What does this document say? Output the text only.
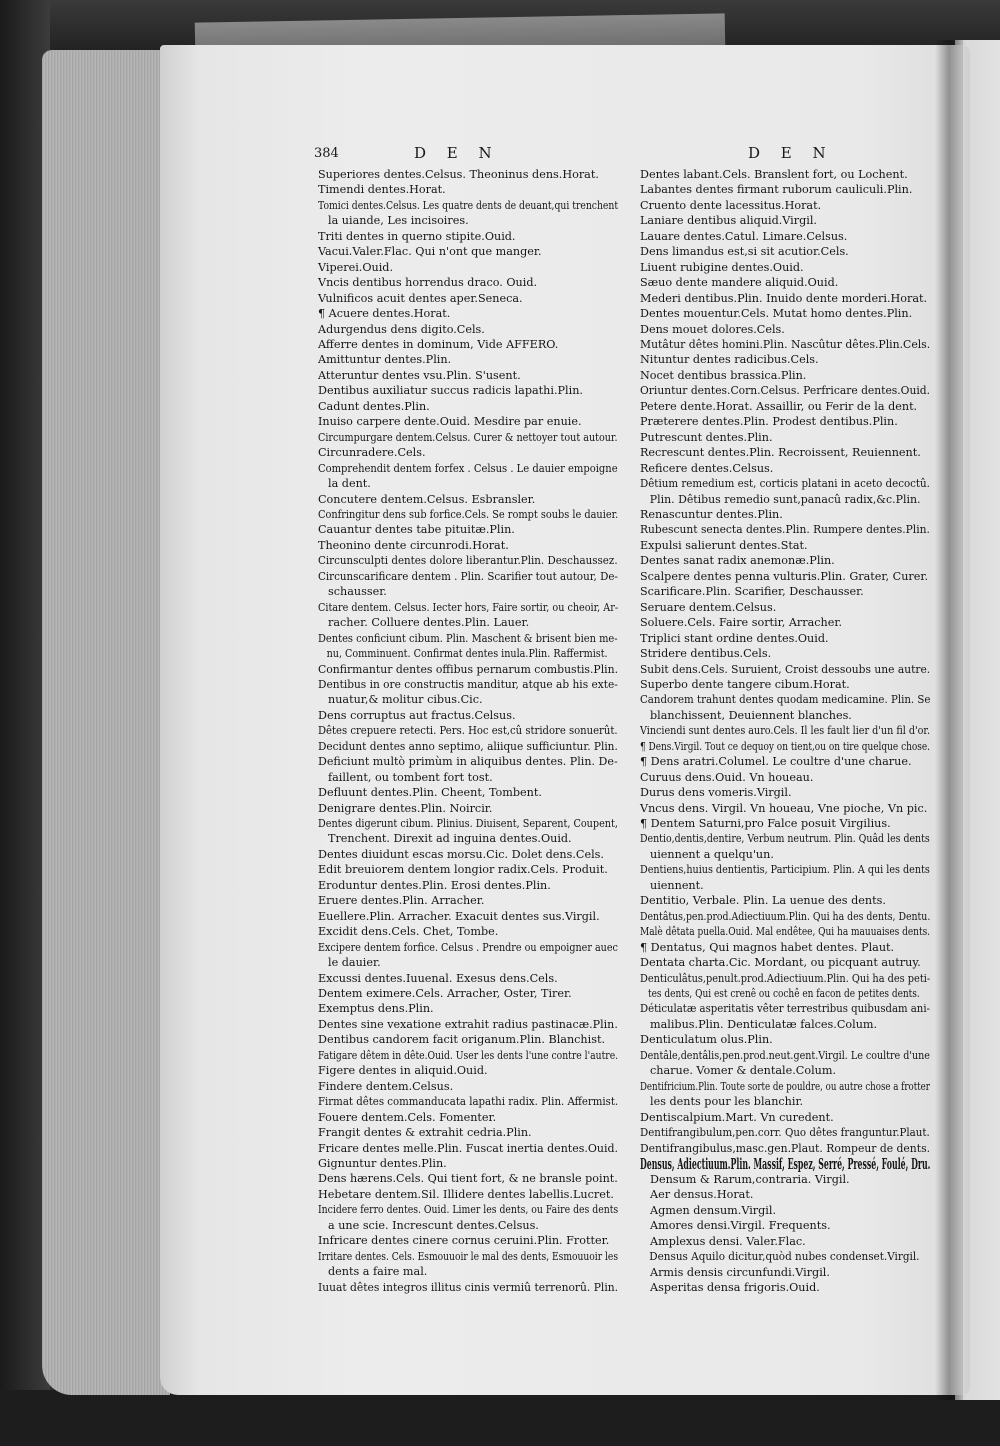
384	D E N	D E N
Superiores dentes.Celsus. Theoninus dens.Horat.
Timendi dentes.Horat.
Tomici dentes.Celsus. Les quatre dents de deuant,qui trenchent
la uiande, Les incisoires.
Triti dentes in querno stipite.Ouid.
Vacui.Valer.Flac. Qui n'ont que manger.
Viperei.Ouid.
Vncis dentibus horrendus draco. Ouid.
Vulnificos acuit dentes aper.Seneca.
¶ Acuere dentes.Horat.
Adurgendus dens digito.Cels.
Afferre dentes in dominum, Vide AFFERO.
Amittuntur dentes.Plin.
Atteruntur dentes vsu.Plin. S'usent.
Dentibus auxiliatur succus radicis lapathi.Plin.
Cadunt dentes.Plin.
Inuiso carpere dente.Ouid. Mesdire par enuie.
Circumpurgare dentem.Celsus. Curer & nettoyer tout autour.
Circunradere.Cels.
Comprehendit dentem forfex . Celsus . Le dauier empoigne
la dent.
Concutere dentem.Celsus. Esbransler.
Confringitur dens sub forfice.Cels. Se rompt soubs le dauier.
Cauantur dentes tabe pituitæ.Plin.
Theonino dente circunrodi.Horat.
Circunsculpti dentes dolore liberantur.Plin. Deschaussez.
Circunscarificare dentem . Plin. Scarifier tout autour, De-
schausser.
Citare dentem. Celsus. Iecter hors, Faire sortir, ou cheoir, Ar-
racher. Colluere dentes.Plin. Lauer.
Dentes conficiunt cibum. Plin. Maschent & brisent bien me-
nu, Comminuent. Confirmat dentes inula.Plin. Raffermist.
Confirmantur dentes offibus pernarum combustis.Plin.
Dentibus in ore constructis manditur, atque ab his exte-
nuatur,& molitur cibus.Cic.
Dens corruptus aut fractus.Celsus.
Dêtes crepuere retecti. Pers. Hoc est,cû stridore sonuerût.
Decidunt dentes anno septimo, aliique sufficiuntur. Plin.
Deficiunt multò primùm in aliquibus dentes. Plin. De-
faillent, ou tombent fort tost.
Defluunt dentes.Plin. Cheent, Tombent.
Denigrare dentes.Plin. Noircir.
Dentes digerunt cibum. Plinius. Diuisent, Separent, Coupent,
Trenchent. Direxit ad inguina dentes.Ouid.
Dentes diuidunt escas morsu.Cic. Dolet dens.Cels.
Edit breuiorem dentem longior radix.Cels. Produit.
Eroduntur dentes.Plin. Erosi dentes.Plin.
Eruere dentes.Plin. Arracher.
Euellere.Plin. Arracher. Exacuit dentes sus.Virgil.
Excidit dens.Cels. Chet, Tombe.
Excipere dentem forfice. Celsus . Prendre ou empoigner auec
le dauier.
Excussi dentes.Iuuenal. Exesus dens.Cels.
Dentem eximere.Cels. Arracher, Oster, Tirer.
Exemptus dens.Plin.
Dentes sine vexatione extrahit radius pastinacæ.Plin.
Dentibus candorem facit origanum.Plin. Blanchist.
Fatigare dêtem in dête.Ouid. User les dents l'une contre l'autre.
Figere dentes in aliquid.Ouid.
Findere dentem.Celsus.
Firmat dêtes commanducata lapathi radix. Plin. Affermist.
Fouere dentem.Cels. Fomenter.
Frangit dentes & extrahit cedria.Plin.
Fricare dentes melle.Plin. Fuscat inertia dentes.Ouid.
Gignuntur dentes.Plin.
Dens hærens.Cels. Qui tient fort, & ne bransle point.
Hebetare dentem.Sil. Illidere dentes labellis.Lucret.
Incidere ferro dentes. Ouid. Limer les dents, ou Faire des dents
a une scie. Increscunt dentes.Celsus.
Infricare dentes cinere cornus ceruini.Plin. Frotter.
Irritare dentes. Cels. Esmouuoir le mal des dents, Esmouuoir les
dents a faire mal.
Iuuat dêtes integros illitus cinis vermiû terrenorû. Plin.
Dentes labant.Cels. Branslent fort, ou Lochent.
Labantes dentes firmant ruborum cauliculi.Plin.
Cruento dente lacessitus.Horat.
Laniare dentibus aliquid.Virgil.
Lauare dentes.Catul. Limare.Celsus.
Dens limandus est,si sit acutior.Cels.
Liuent rubigine dentes.Ouid.
Sæuo dente mandere aliquid.Ouid.
Mederi dentibus.Plin. Inuido dente morderi.Horat.
Dentes mouentur.Cels. Mutat homo dentes.Plin.
Dens mouet dolores.Cels.
Mutâtur dêtes homini.Plin. Nascûtur dêtes.Plin.Cels.
Nituntur dentes radicibus.Cels.
Nocet dentibus brassica.Plin.
Oriuntur dentes.Corn.Celsus. Perfricare dentes.Ouid.
Petere dente.Horat. Assaillir, ou Ferir de la dent.
Præterere dentes.Plin. Prodest dentibus.Plin.
Putrescunt dentes.Plin.
Recrescunt dentes.Plin. Recroissent, Reuiennent.
Reficere dentes.Celsus.
Dêtium remedium est, corticis platani in aceto decoctû.
Plin. Dêtibus remedio sunt,panacû radix,&c.Plin.
Renascuntur dentes.Plin.
Rubescunt senecta dentes.Plin. Rumpere dentes.Plin.
Expulsi salierunt dentes.Stat.
Dentes sanat radix anemonæ.Plin.
Scalpere dentes penna vulturis.Plin. Grater, Curer.
Scarificare.Plin. Scarifier, Deschausser.
Seruare dentem.Celsus.
Soluere.Cels. Faire sortir, Arracher.
Triplici stant ordine dentes.Ouid.
Stridere dentibus.Cels.
Subit dens.Cels. Suruient, Croist dessoubs une autre.
Superbo dente tangere cibum.Horat.
Candorem trahunt dentes quodam medicamine. Plin. Se
blanchissent, Deuiennent blanches.
Vinciendi sunt dentes auro.Cels. Il les fault lier d'un fil d'or.
¶ Dens.Virgil. Tout ce dequoy on tient,ou on tire quelque chose.
¶ Dens aratri.Columel. Le coultre d'une charue.
Curuus dens.Ouid. Vn houeau.
Durus dens vomeris.Virgil.
Vncus dens. Virgil. Vn houeau, Vne pioche, Vn pic.
¶ Dentem Saturni,pro Falce posuit Virgilius.
Dentio,dentis,dentire, Verbum neutrum. Plin. Quâd les dents
uiennent a quelqu'un.
Dentiens,huius dentientis, Participium. Plin. A qui les dents
uiennent.
Dentitio, Verbale. Plin. La uenue des dents.
Dentâtus,pen.prod.Adiectiuum.Plin. Qui ha des dents, Dentu.
Malè dêtata puella.Ouid. Mal endêtee, Qui ha mauuaises dents.
¶ Dentatus, Qui magnos habet dentes. Plaut.
Dentata charta.Cic. Mordant, ou picquant autruy.
Denticulâtus,penult.prod.Adiectiuum.Plin. Qui ha des peti-
tes dents, Qui est crenê ou cochê en facon de petites dents.
Déticulatæ asperitatis vêter terrestribus quibusdam ani-
malibus.Plin. Denticulatæ falces.Colum.
Denticulatum olus.Plin.
Dentâle,dentâlis,pen.prod.neut.gent.Virgil. Le coultre d'une
charue. Vomer & dentale.Colum.
Dentifricium.Plin. Toute sorte de pouldre, ou autre chose a frotter
les dents pour les blanchir.
Dentiscalpium.Mart. Vn curedent.
Dentifrangibulum,pen.corr. Quo dêtes franguntur.Plaut.
Dentifrangibulus,masc.gen.Plaut. Rompeur de dents.
Densus, Adiectiuum.Plin. Massif, Espez, Serré, Pressé, Foulé, Dru.
Densum & Rarum,contraria. Virgil.
Aer densus.Horat.
Agmen densum.Virgil.
Amores densi.Virgil. Frequents.
Amplexus densi. Valer.Flac.
Densus Aquilo dicitur,quòd nubes condenset.Virgil.
Armis densis circunfundi.Virgil.
Asperitas densa frigoris.Ouid.
